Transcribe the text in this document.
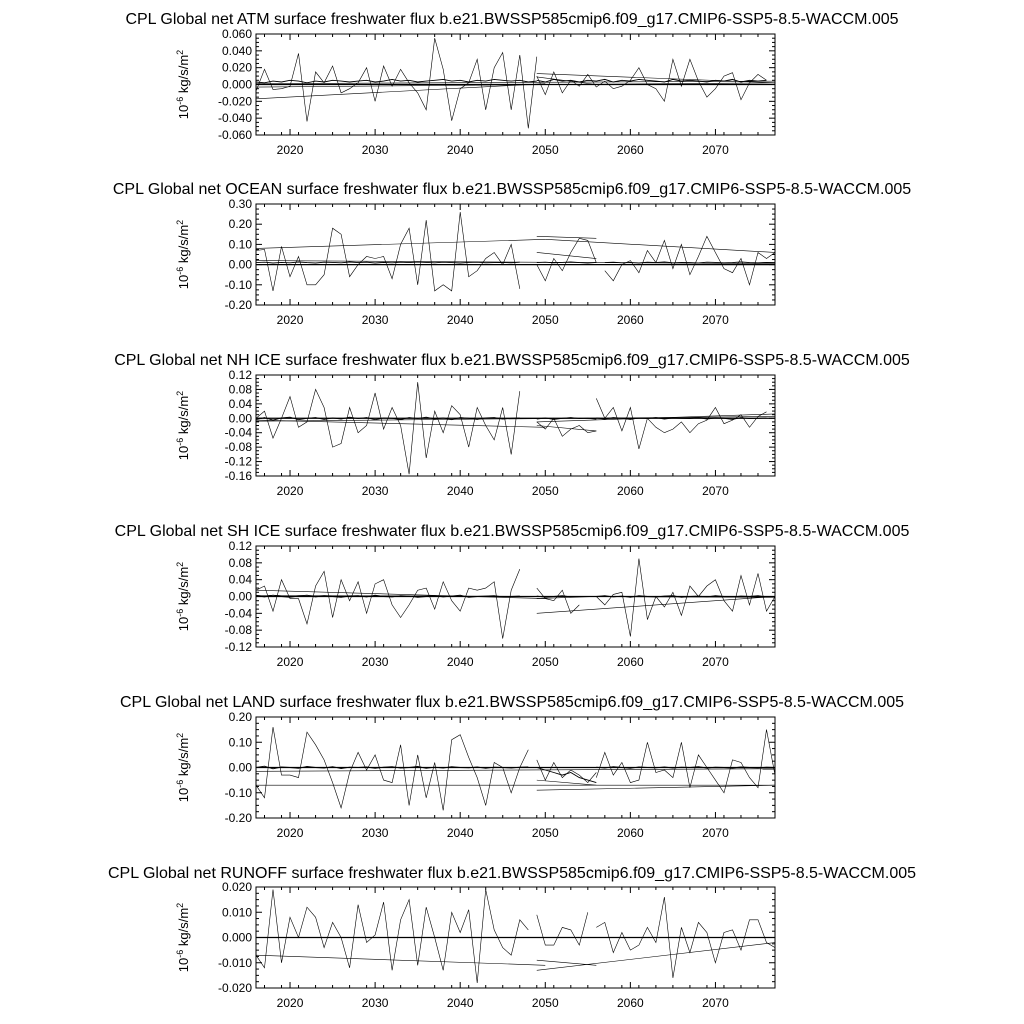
CPL Global net ATM surface freshwater flux b.e21.BWSSP585cmip6.f09_g17.CMIP6-SSP5-8.5-WACCM.005
0.060
0.040
0.020
0.000
-0.020
-0.040
-0.060
2020	2030	2040	2050	2060	2070
$10^{-6}$ $kg/s/m^2$
CPL Global net OCEAN surface freshwater flux b.e21.BWSSP585cmip6.f09_g17.CMIP6-SSP5-8.5-WACCM.005
0.30
0.20
0.10
0.00
-0.10
-0.20
2020	2030	2040	2050	2060	2070
$10^{-6}$ $kg/s/m^2$
CPL Global net NH ICE surface freshwater flux b.e21.BWSSP585cmip6.f09_g17.CMIP6-SSP5-8.5-WACCM.005
0.12
0.08
0.04
0.00
-0.04
-0.08
-0.12
-0.16
2020	2030	2040	2050	2060	2070
$10^{-6}$ $kg/s/m^2$
CPL Global net SH ICE surface freshwater flux b.e21.BWSSP585cmip6.f09_g17.CMIP6-SSP5-8.5-WACCM.005
0.12
0.08
0.04
0.00
-0.04
-0.08
-0.12
2020	2030	2040	2050	2060	2070
$10^{-6}$ $kg/s/m^2$
CPL Global net LAND surface freshwater flux b.e21.BWSSP585cmip6.f09_g17.CMIP6-SSP5-8.5-WACCM.005
0.20
0.10
0.00
-0.10
-0.20
2020	2030	2040	2050	2060	2070
$10^{-6}$ $kg/s/m^2$
CPL Global net RUNOFF surface freshwater flux b.e21.BWSSP585cmip6.f09_g17.CMIP6-SSP5-8.5-WACCM.005
0.020
0.010
0.000
-0.010
-0.020
2020	2030	2040	2050	2060	2070
$10^{-6}$ $kg/s/m^2$
